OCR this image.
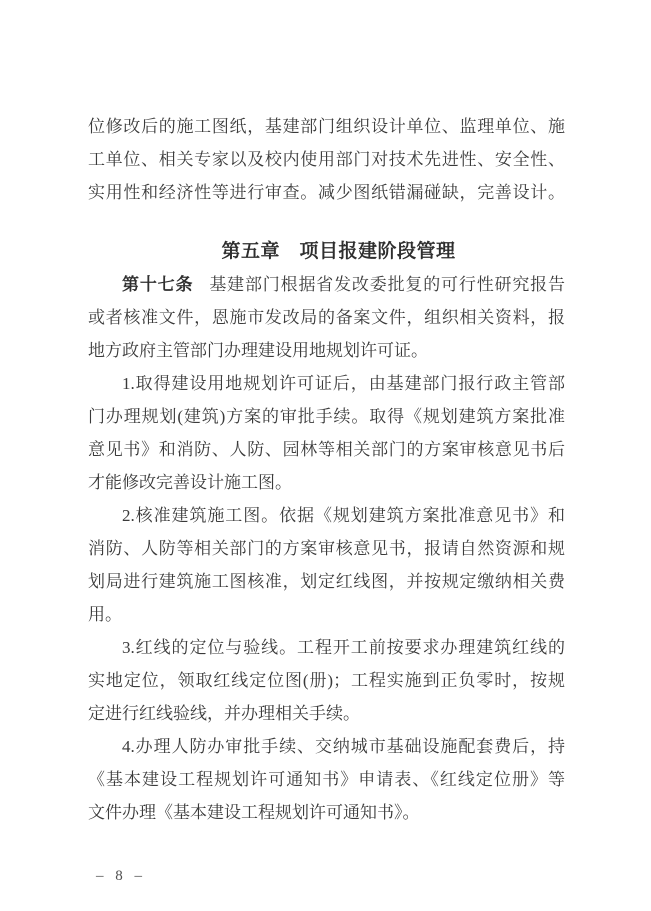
位修改后的施工图纸，基建部门组织设计单位、监理单位、施
工单位、相关专家以及校内使用部门对技术先进性、安全性、
实用性和经济性等进行审查。减少图纸错漏碰缺，完善设计。
第五章　项目报建阶段管理
第十七条 基建部门根据省发改委批复的可行性研究报告
或者核准文件，恩施市发改局的备案文件，组织相关资料，报
地方政府主管部门办理建设用地规划许可证。
1.取得建设用地规划许可证后，由基建部门报行政主管部
门办理规划(建筑)方案的审批手续。取得《规划建筑方案批准
意见书》和消防、人防、园林等相关部门的方案审核意见书后
才能修改完善设计施工图。
2.核准建筑施工图。依据《规划建筑方案批准意见书》和
消防、人防等相关部门的方案审核意见书，报请自然资源和规
划局进行建筑施工图核准，划定红线图，并按规定缴纳相关费
用。
3.红线的定位与验线。工程开工前按要求办理建筑红线的
实地定位，领取红线定位图(册)；工程实施到正负零时，按规
定进行红线验线，并办理相关手续。
4.办理人防办审批手续、交纳城市基础设施配套费后，持
《基本建设工程规划许可通知书》申请表、《红线定位册》等
文件办理《基本建设工程规划许可通知书》。
– 8 –
